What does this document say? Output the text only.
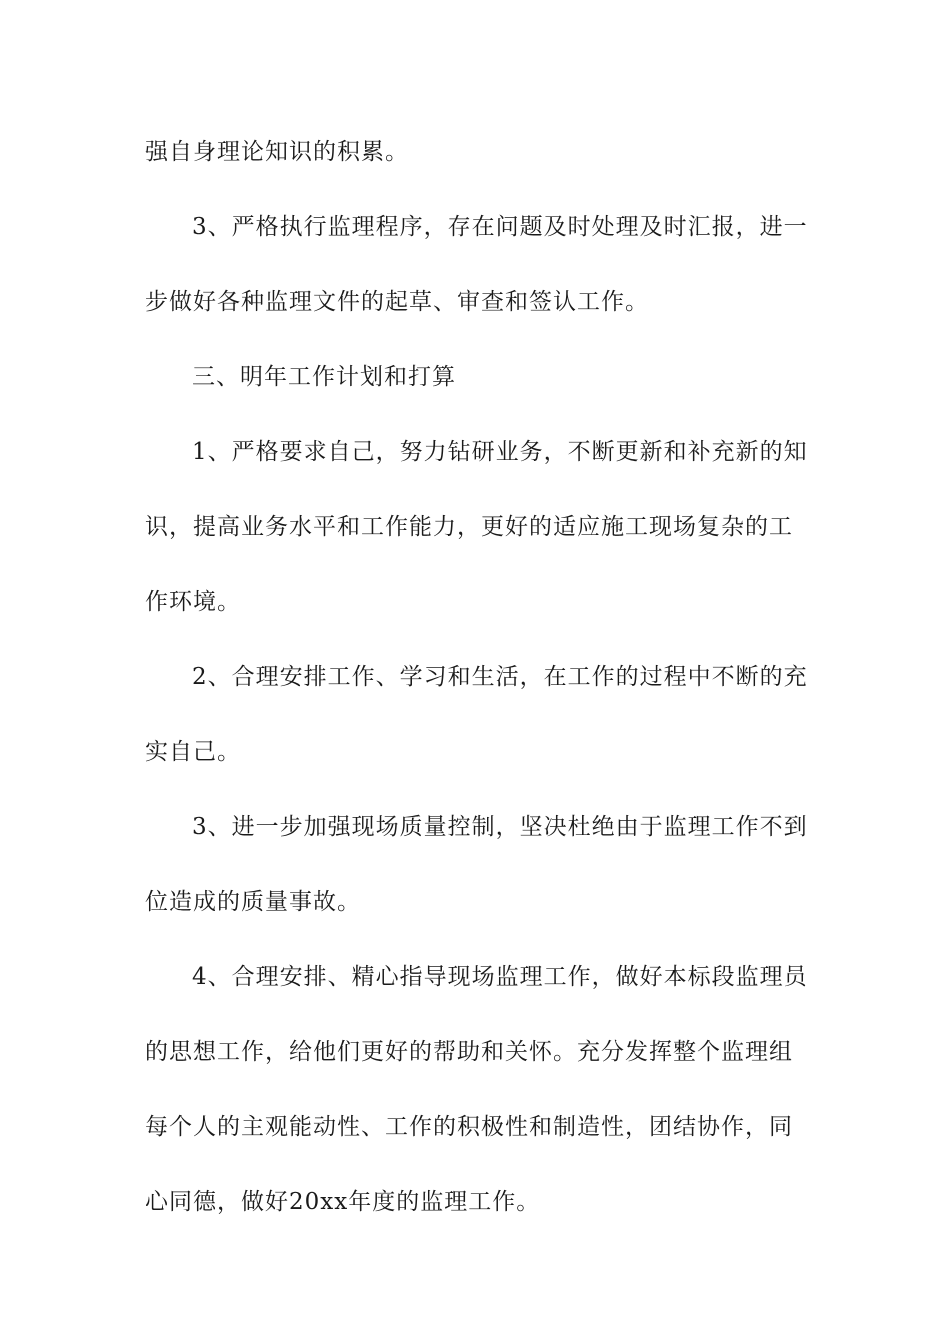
强自身理论知识的积累。
3、严格执行监理程序，存在问题及时处理及时汇报，进一
步做好各种监理文件的起草、审查和签认工作。
三、明年工作计划和打算
1、严格要求自己，努力钻研业务，不断更新和补充新的知
识，提高业务水平和工作能力，更好的适应施工现场复杂的工
作环境。
2、合理安排工作、学习和生活，在工作的过程中不断的充
实自己。
3、进一步加强现场质量控制，坚决杜绝由于监理工作不到
位造成的质量事故。
4、合理安排、精心指导现场监理工作，做好本标段监理员
的思想工作，给他们更好的帮助和关怀。充分发挥整个监理组
每个人的主观能动性、工作的积极性和制造性，团结协作，同
心同德，做好20xx年度的监理工作。
